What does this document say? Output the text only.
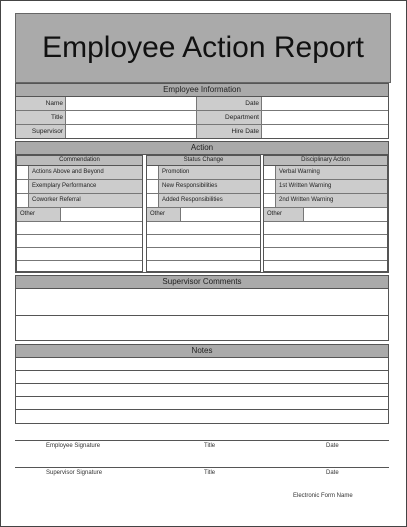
Employee Action Report
Employee Information
Name	Date
Title	Department
Supervisor	Hire Date
Action
Commendation
Actions Above and Beyond
Exemplary Performance
Coworker Referral
Other
Status Change
Promotion
New Responsibilities
Added Responsibilities
Other
Disciplinary Action
Verbal Warning
1st Written Warning
2nd Written Warning
Other
Supervisor Comments
Notes
Employee Signature	Title	Date
Supervisor Signature	Title	Date
Electronic Form Name
